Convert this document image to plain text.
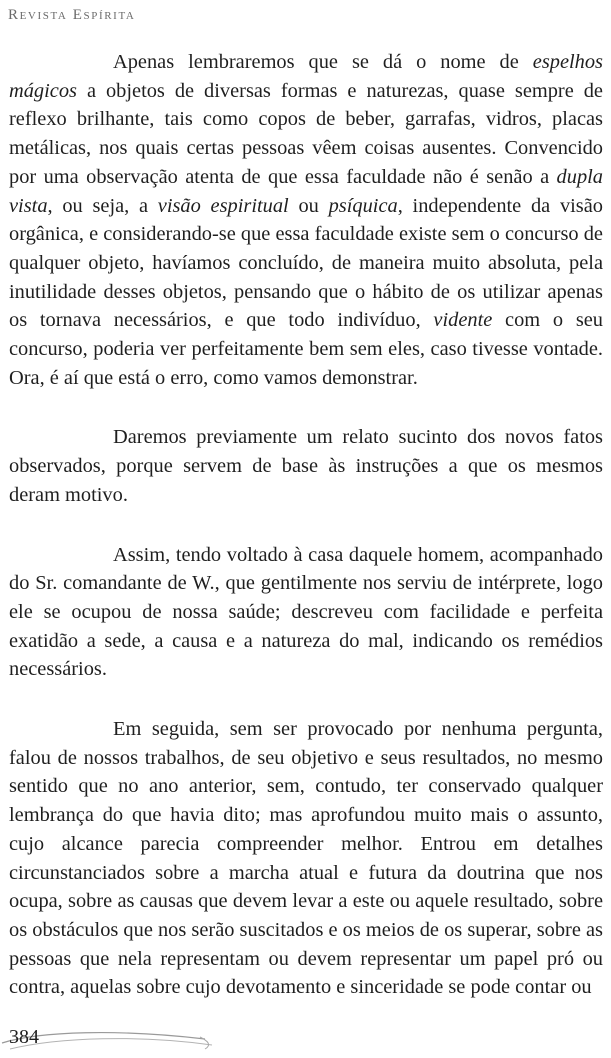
Revista Espírita

Apenas lembraremos que se dá o nome de espelhos mágicos a objetos de diversas formas e naturezas, quase sempre de reflexo brilhante, tais como copos de beber, garrafas, vidros, placas metálicas, nos quais certas pessoas vêem coisas ausentes. Convencido por uma observação atenta de que essa faculdade não é senão a dupla vista, ou seja, a visão espiritual ou psíquica, independente da visão orgânica, e considerando-se que essa faculdade existe sem o concurso de qualquer objeto, havíamos concluído, de maneira muito absoluta, pela inutilidade desses objetos, pensando que o hábito de os utilizar apenas os tornava necessários, e que todo indivíduo, vidente com o seu concurso, poderia ver perfeitamente bem sem eles, caso tivesse vontade. Ora, é aí que está o erro, como vamos demonstrar.

Daremos previamente um relato sucinto dos novos fatos observados, porque servem de base às instruções a que os mesmos deram motivo.

Assim, tendo voltado à casa daquele homem, acompanhado do Sr. comandante de W., que gentilmente nos serviu de intérprete, logo ele se ocupou de nossa saúde; descreveu com facilidade e perfeita exatidão a sede, a causa e a natureza do mal, indicando os remédios necessários.

Em seguida, sem ser provocado por nenhuma pergunta, falou de nossos trabalhos, de seu objetivo e seus resultados, no mesmo sentido que no ano anterior, sem, contudo, ter conservado qualquer lembrança do que havia dito; mas aprofundou muito mais o assunto, cujo alcance parecia compreender melhor. Entrou em detalhes circunstanciados sobre a marcha atual e futura da doutrina que nos ocupa, sobre as causas que devem levar a este ou aquele resultado, sobre os obstáculos que nos serão suscitados e os meios de os superar, sobre as pessoas que nela representam ou devem representar um papel pró ou contra, aquelas sobre cujo devotamento e sinceridade se pode contar ou

384
